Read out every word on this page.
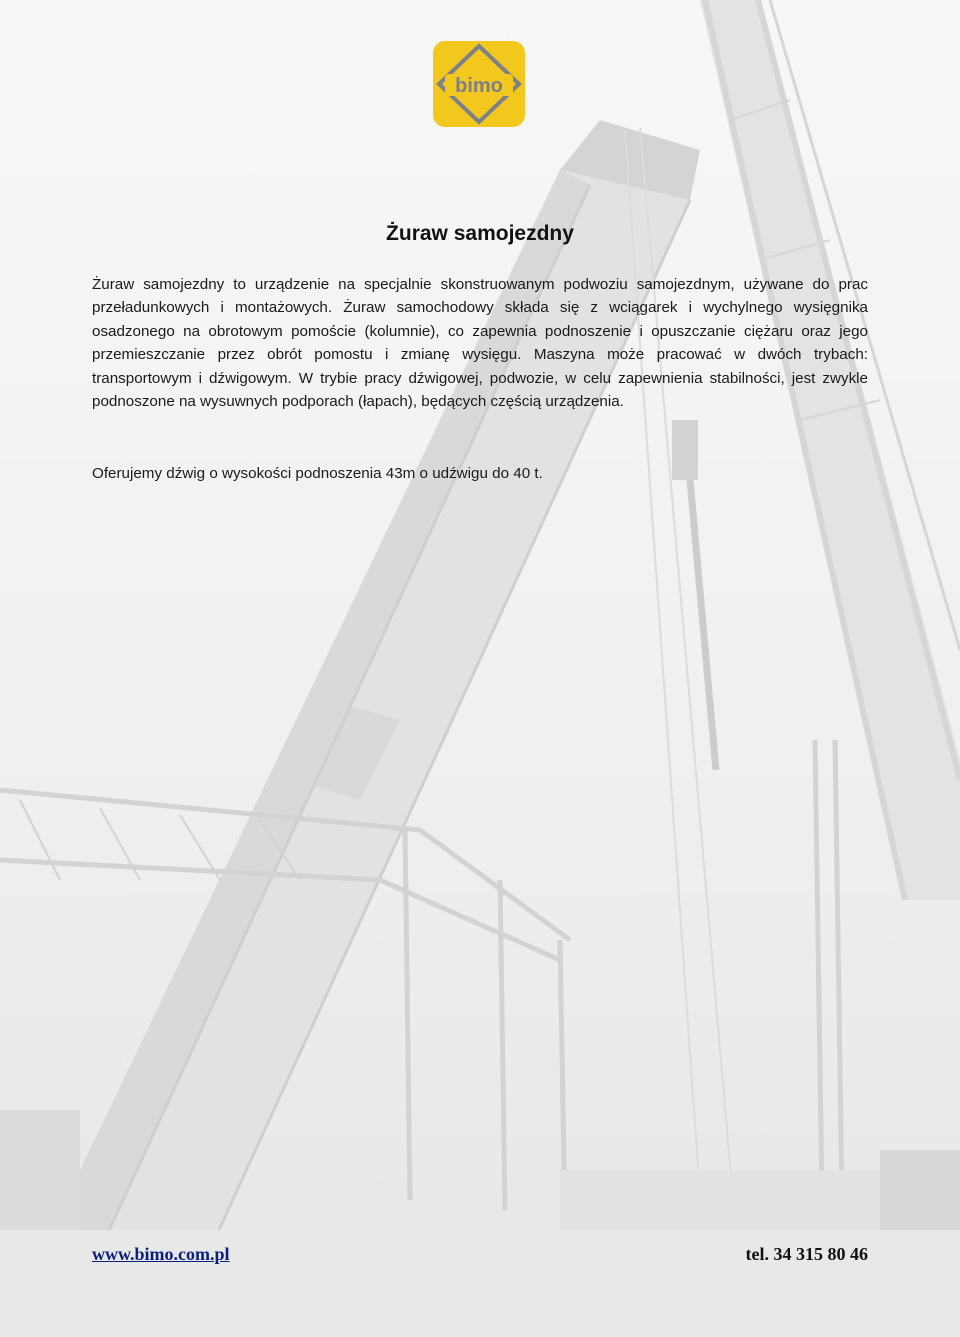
bimo
Żuraw samojezdny

Żuraw samojezdny to urządzenie na specjalnie skonstruowanym podwoziu samojezdnym, używane do prac przeładunkowych i montażowych. Żuraw samochodowy składa się z wciągarek i wychylnego wysięgnika osadzonego na obrotowym pomoście (kolumnie), co zapewnia podnoszenie i opuszczanie ciężaru oraz jego przemieszczanie przez obrót pomostu i zmianę wysięgu. Maszyna może pracować w dwóch trybach: transportowym i dźwigowym. W trybie pracy dźwigowej, podwozie, w celu zapewnienia stabilności, jest zwykle podnoszone na wysuwnych podporach (łapach), będących częścią urządzenia.

Oferujemy dźwig o wysokości podnoszenia 43m o udźwigu do 40 t.

www.bimo.com.pl	tel. 34 315 80 46
